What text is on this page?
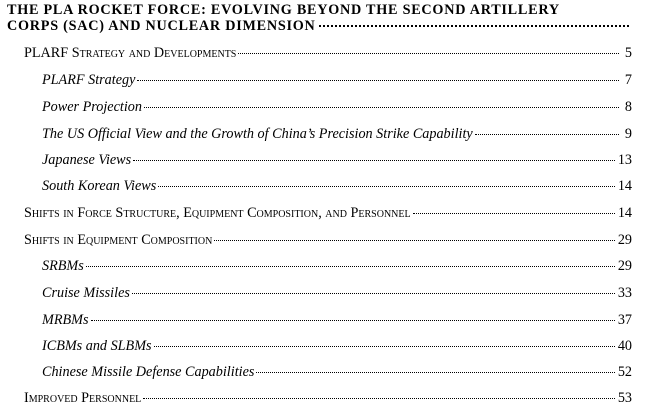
THE PLA ROCKET FORCE: EVOLVING BEYOND THE SECOND ARTILLERY
CORPS (SAC) AND NUCLEAR DIMENSION
PLARF Strategy and Developments	5
PLARF Strategy	7
Power Projection	8
The US Official View and the Growth of China’s Precision Strike Capability	9
Japanese Views	13
South Korean Views	14
Shifts in Force Structure, Equipment Composition, and Personnel	14
Shifts in Equipment Composition	29
SRBMs	29
Cruise Missiles	33
MRBMs	37
ICBMs and SLBMs	40
Chinese Missile Defense Capabilities	52
Improved Personnel	53
